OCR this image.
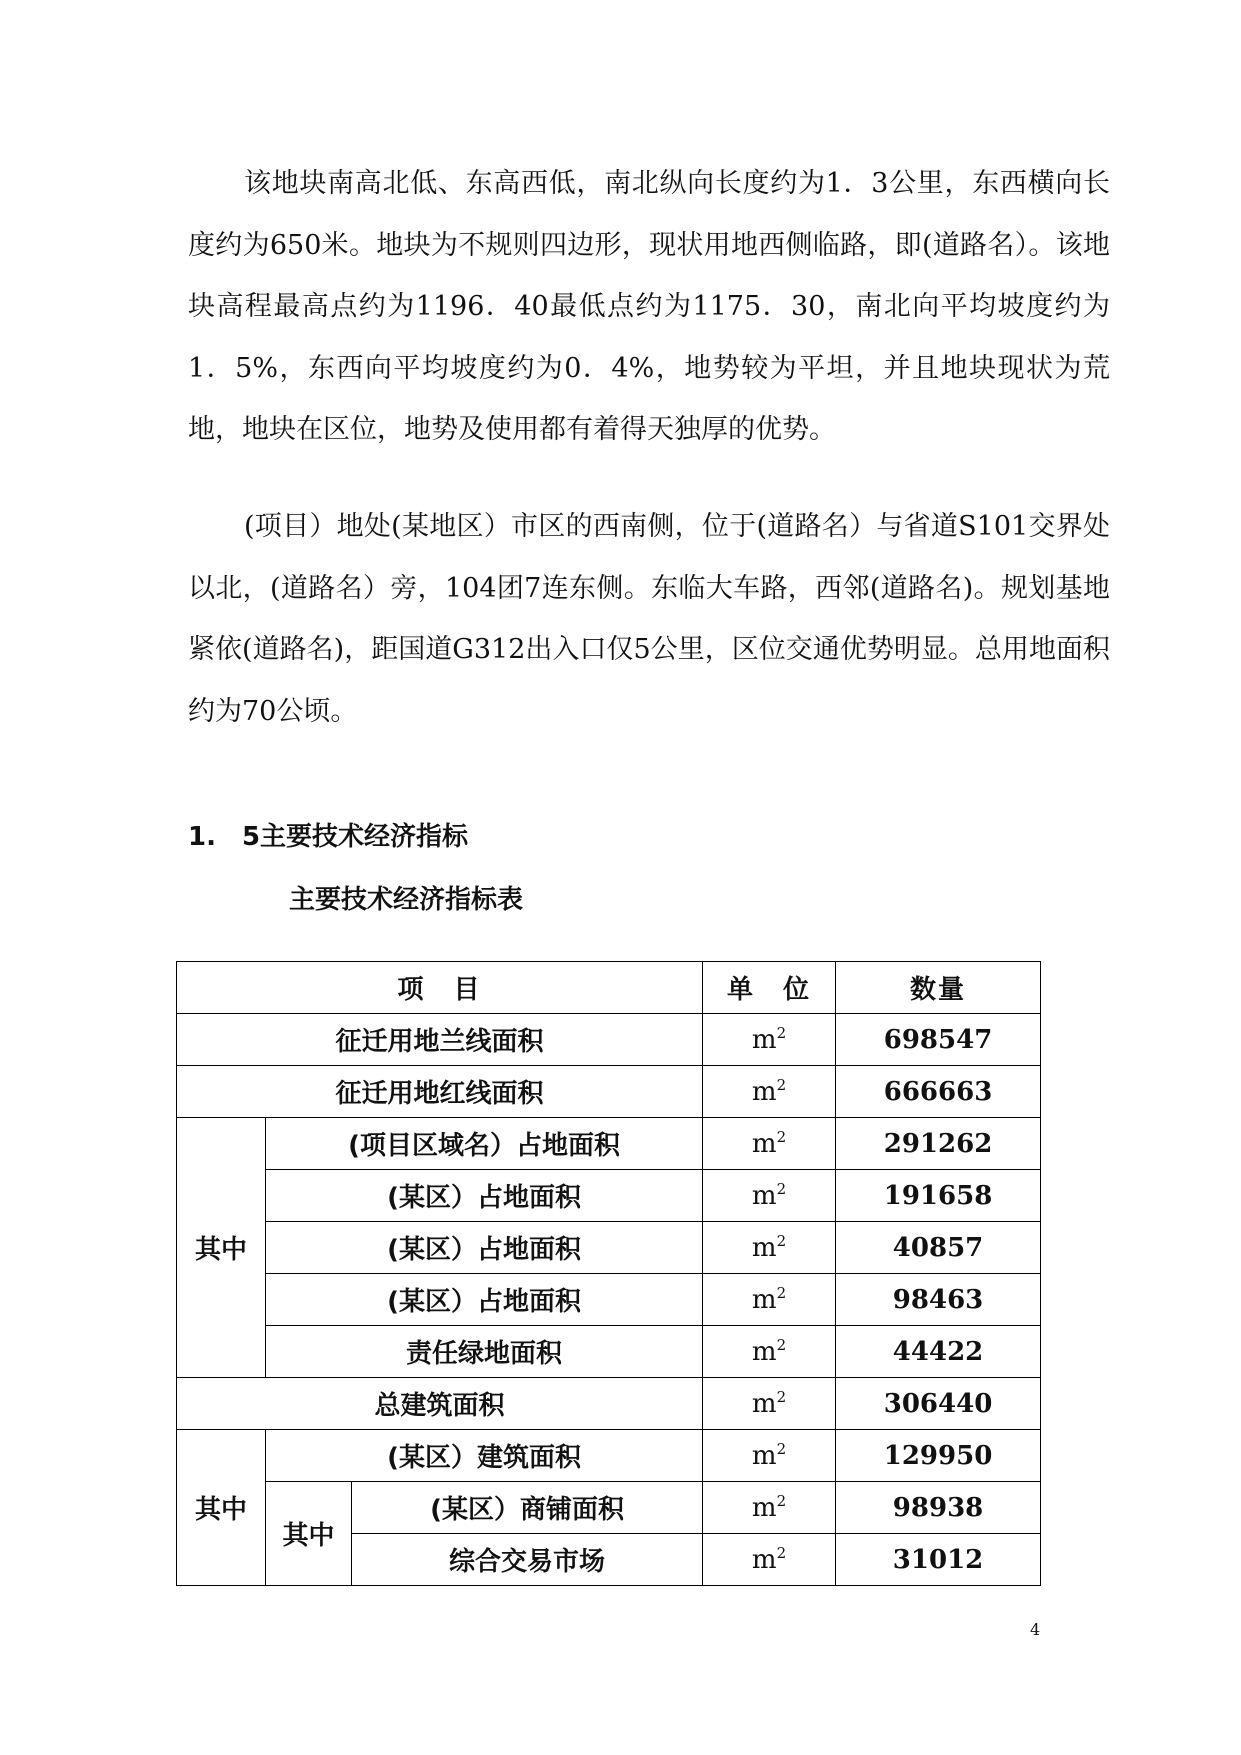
该地块南高北低、东高西低，南北纵向长度约为1．3公里，东西横向长度约为650米。地块为不规则四边形，现状用地西侧临路，即(道路名）。该地块高程最高点约为1196．40最低点约为1175．30，南北向平均坡度约为1．5%，东西向平均坡度约为0．4%，地势较为平坦，并且地块现状为荒地，地块在区位，地势及使用都有着得天独厚的优势。

(项目）地处(某地区）市区的西南侧，位于(道路名）与省道S101交界处以北，(道路名）旁，104团7连东侧。东临大车路，西邻(道路名)。规划基地紧依(道路名)，距国道G312出入口仅5公里，区位交通优势明显。总用地面积约为70公顷。

1.　5主要技术经济指标
主要技术经济指标表
项　目			单　位	数量
征迁用地兰线面积			$m^2$	698547
征迁用地红线面积			$m^2$	666663
其中	(项目区域名）占地面积		$m^2$	291262
	(某区）占地面积		$m^2$	191658
	(某区）占地面积		$m^2$	40857
	(某区）占地面积		$m^2$	98463
	责任绿地面积		$m^2$	44422
总建筑面积			$m^2$	306440
其中	(某区）建筑面积		$m^2$	129950
	其中	(某区）商铺面积	$m^2$	98938
		综合交易市场	$m^2$	31012
4
